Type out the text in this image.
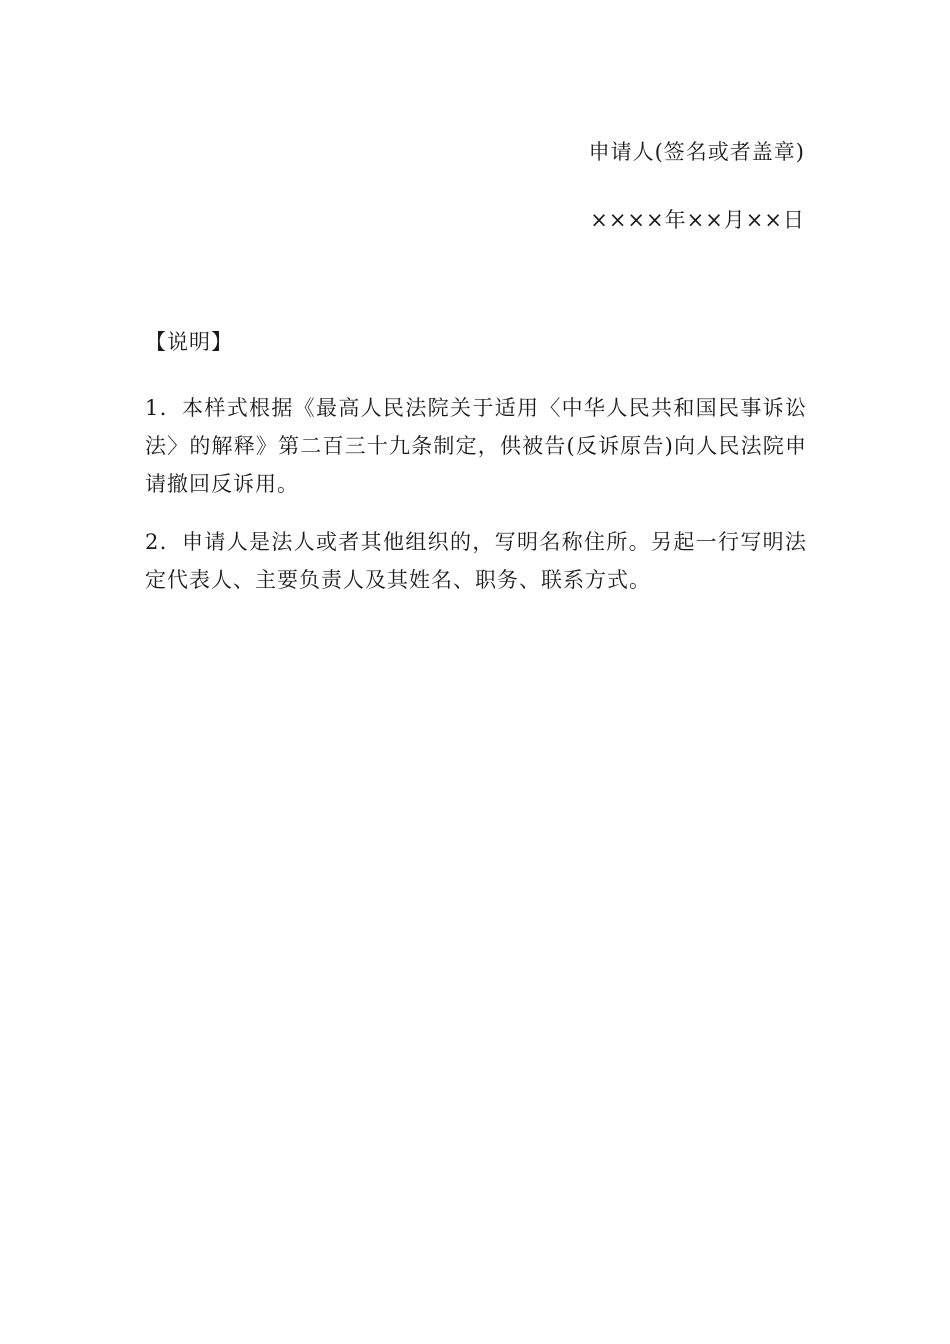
申请人(签名或者盖章)
××××年××月××日
【说明】

1．本样式根据《最高人民法院关于适用〈中华人民共和国民事诉讼法〉的解释》第二百三十九条制定，供被告(反诉原告)向人民法院申请撤回反诉用。

2．申请人是法人或者其他组织的，写明名称住所。另起一行写明法定代表人、主要负责人及其姓名、职务、联系方式。
